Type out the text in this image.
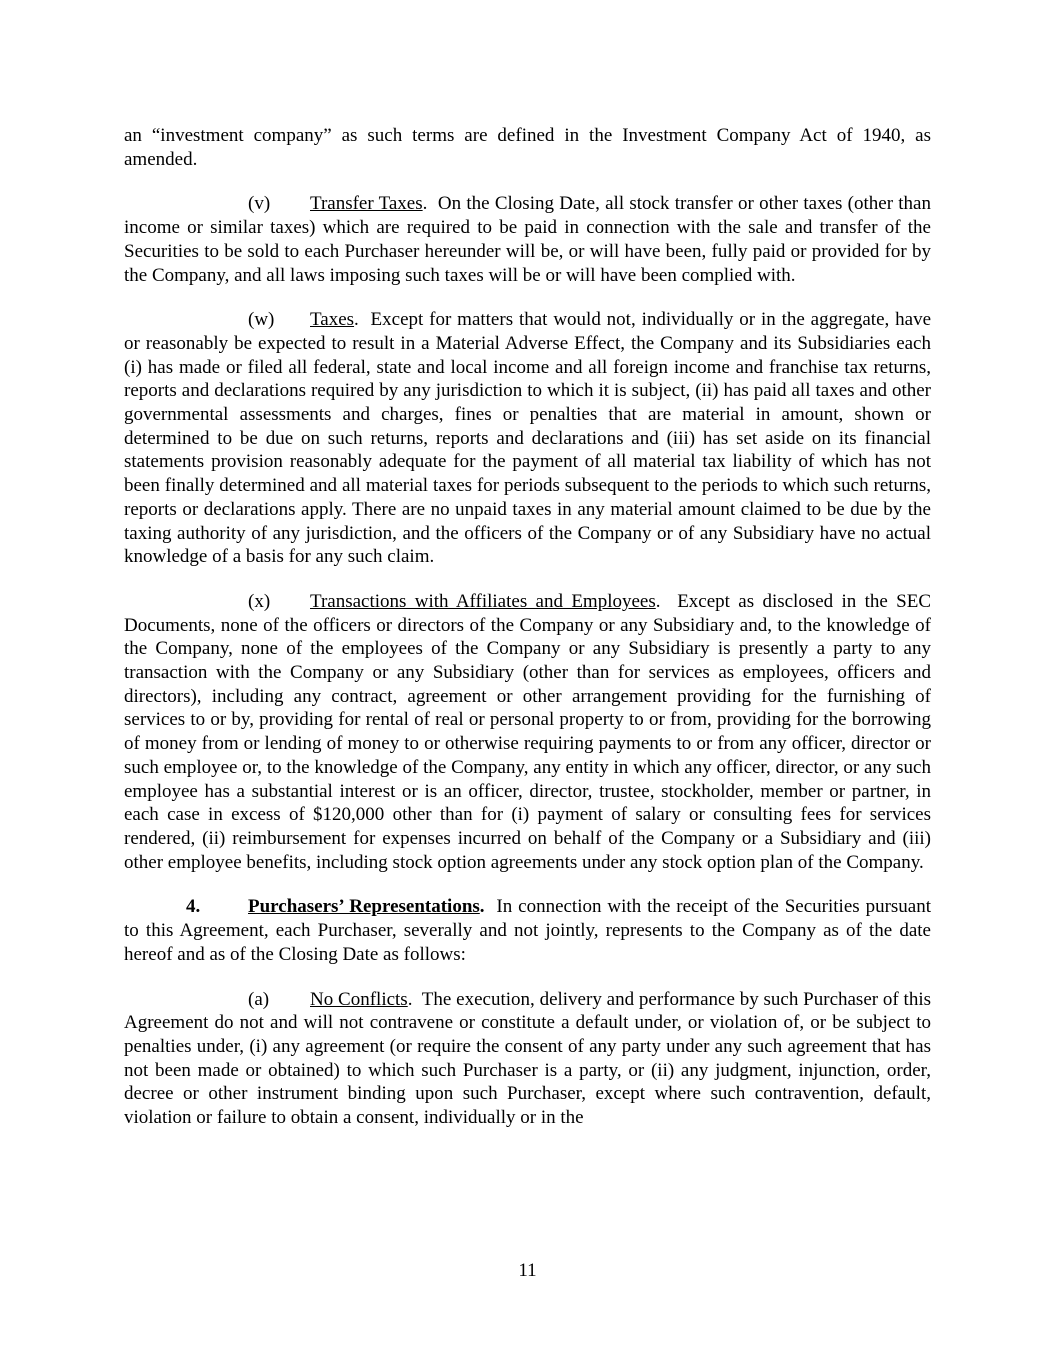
an “investment company” as such terms are defined in the Investment Company Act of 1940, as amended.

(v) Transfer Taxes. On the Closing Date, all stock transfer or other taxes (other than income or similar taxes) which are required to be paid in connection with the sale and transfer of the Securities to be sold to each Purchaser hereunder will be, or will have been, fully paid or provided for by the Company, and all laws imposing such taxes will be or will have been complied with.

(w) Taxes. Except for matters that would not, individually or in the aggregate, have or reasonably be expected to result in a Material Adverse Effect, the Company and its Subsidiaries each (i) has made or filed all federal, state and local income and all foreign income and franchise tax returns, reports and declarations required by any jurisdiction to which it is subject, (ii) has paid all taxes and other governmental assessments and charges, fines or penalties that are material in amount, shown or determined to be due on such returns, reports and declarations and (iii) has set aside on its financial statements provision reasonably adequate for the payment of all material tax liability of which has not been finally determined and all material taxes for periods subsequent to the periods to which such returns, reports or declarations apply. There are no unpaid taxes in any material amount claimed to be due by the taxing authority of any jurisdiction, and the officers of the Company or of any Subsidiary have no actual knowledge of a basis for any such claim.

(x) Transactions with Affiliates and Employees. Except as disclosed in the SEC Documents, none of the officers or directors of the Company or any Subsidiary and, to the knowledge of the Company, none of the employees of the Company or any Subsidiary is presently a party to any transaction with the Company or any Subsidiary (other than for services as employees, officers and directors), including any contract, agreement or other arrangement providing for the furnishing of services to or by, providing for rental of real or personal property to or from, providing for the borrowing of money from or lending of money to or otherwise requiring payments to or from any officer, director or such employee or, to the knowledge of the Company, any entity in which any officer, director, or any such employee has a substantial interest or is an officer, director, trustee, stockholder, member or partner, in each case in excess of $120,000 other than for (i) payment of salary or consulting fees for services rendered, (ii) reimbursement for expenses incurred on behalf of the Company or a Subsidiary and (iii) other employee benefits, including stock option agreements under any stock option plan of the Company.

4.	Purchasers’ Representations. In connection with the receipt of the Securities pursuant to this Agreement, each Purchaser, severally and not jointly, represents to the Company as of the date hereof and as of the Closing Date as follows:

(a) No Conflicts. The execution, delivery and performance by such Purchaser of this Agreement do not and will not contravene or constitute a default under, or violation of, or be subject to penalties under, (i) any agreement (or require the consent of any party under any such agreement that has not been made or obtained) to which such Purchaser is a party, or (ii) any judgment, injunction, order, decree or other instrument binding upon such Purchaser, except where such contravention, default, violation or failure to obtain a consent, individually or in the

11
